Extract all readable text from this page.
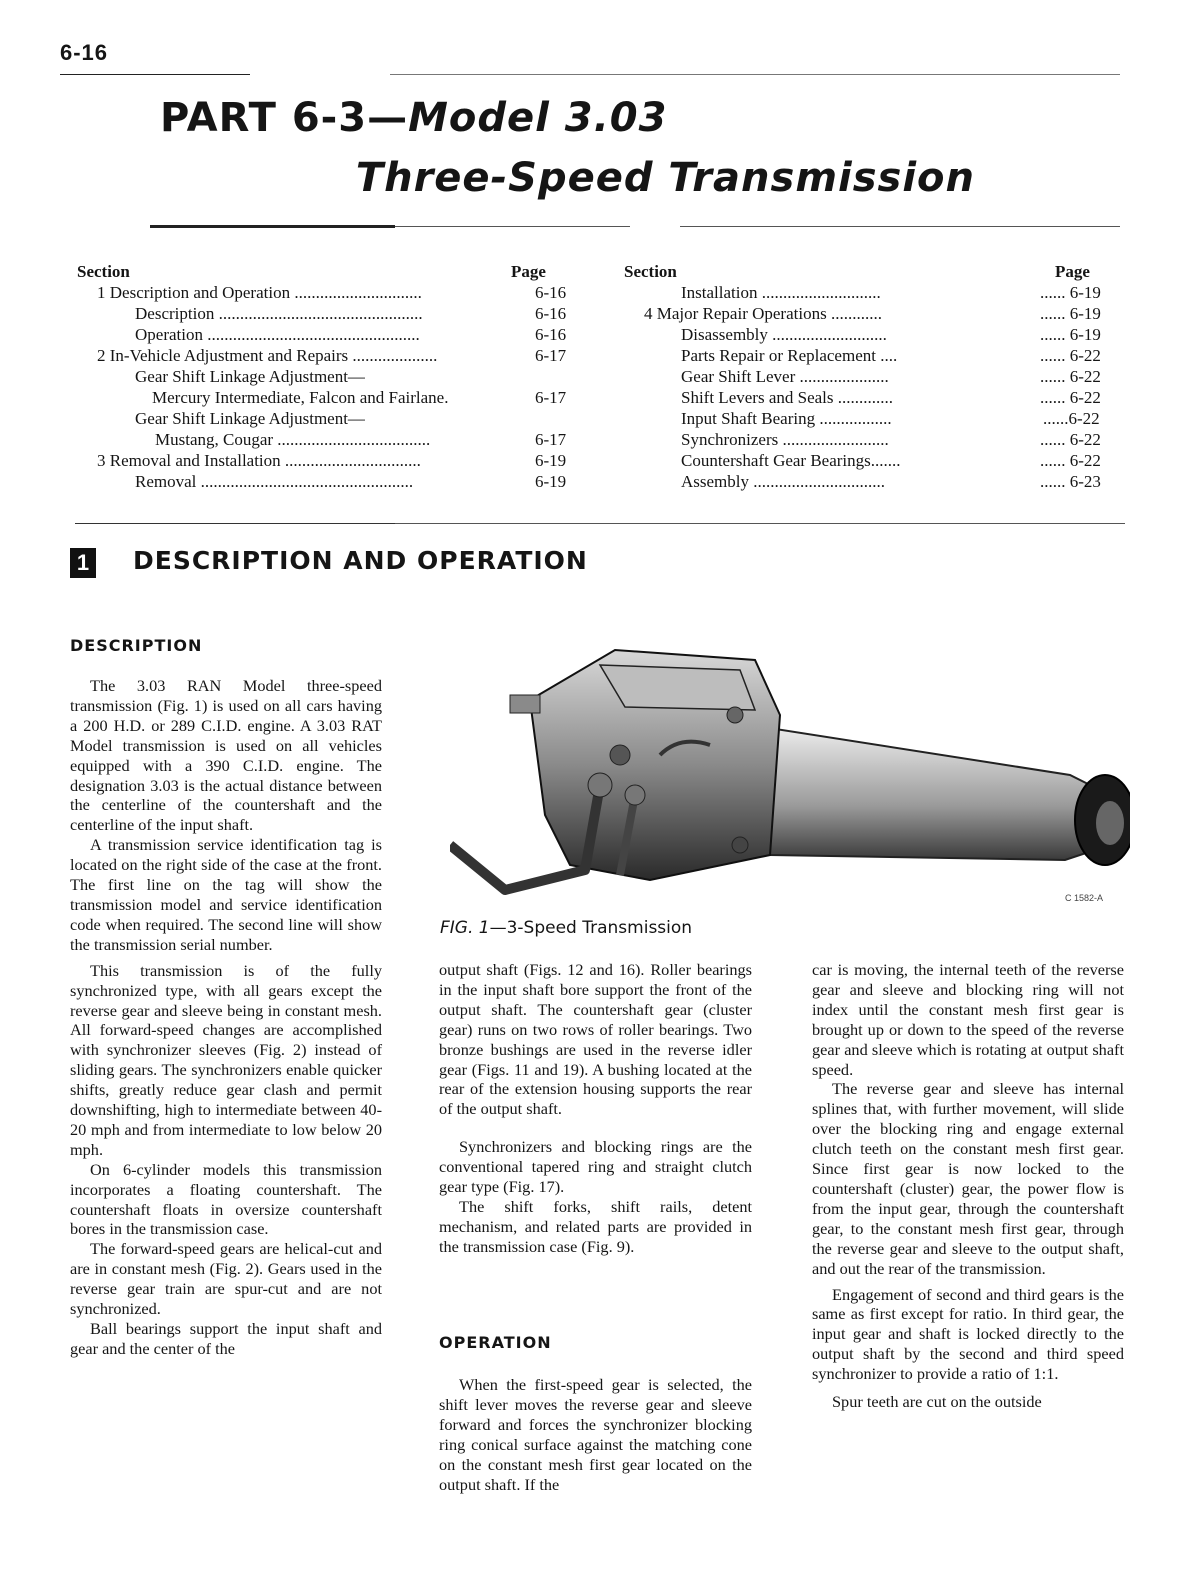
6-16
PART 6-3—Model 3.03
Three-Speed Transmission
Section	Page
1 Description and Operation ..............................	6-16
Description ................................................	6-16
Operation ..................................................	6-16
2 In-Vehicle Adjustment and Repairs ....................	6-17
Gear Shift Linkage Adjustment—
Mercury Intermediate, Falcon and Fairlane.	6-17
Gear Shift Linkage Adjustment—
Mustang, Cougar ....................................	6-17
3 Removal and Installation ................................	6-19
Removal ..................................................	6-19
Section	Page
Installation ............................	...... 6-19
4 Major Repair Operations ............	...... 6-19
Disassembly ...........................	...... 6-19
Parts Repair or Replacement ....	...... 6-22
Gear Shift Lever .....................	...... 6-22
Shift Levers and Seals .............	...... 6-22
Input Shaft Bearing .................	......6-22
Synchronizers .........................	...... 6-22
Countershaft Gear Bearings.......	...... 6-22
Assembly ...............................	...... 6-23
1 DESCRIPTION AND OPERATION
DESCRIPTION

The 3.03 RAN Model three-speed transmission (Fig. 1) is used on all cars having a 200 H.D. or 289 C.I.D. engine. A 3.03 RAT Model transmission is used on all vehicles equipped with a 390 C.I.D. engine. The designation 3.03 is the actual distance between the centerline of the countershaft and the centerline of the input shaft.

A transmission service identification tag is located on the right side of the case at the front. The first line on the tag will show the transmission model and service identification code when required. The second line will show the transmission serial number.

This transmission is of the fully synchronized type, with all gears except the reverse gear and sleeve being in constant mesh. All forward-speed changes are accomplished with synchronizer sleeves (Fig. 2) instead of sliding gears. The synchronizers enable quicker shifts, greatly reduce gear clash and permit downshifting, high to intermediate between 40-20 mph and from intermediate to low below 20 mph.

On 6-cylinder models this transmission incorporates a floating countershaft. The countershaft floats in oversize countershaft bores in the transmission case.

The forward-speed gears are helical-cut and are in constant mesh (Fig. 2). Gears used in the reverse gear train are spur-cut and are not synchronized.

Ball bearings support the input shaft and gear and the center of the

C 1582-A
FIG. 1—3-Speed Transmission

output shaft (Figs. 12 and 16). Roller bearings in the input shaft bore support the front of the output shaft. The countershaft gear (cluster gear) runs on two rows of roller bearings. Two bronze bushings are used in the reverse idler gear (Figs. 11 and 19). A bushing located at the rear of the extension housing supports the rear of the output shaft.

Synchronizers and blocking rings are the conventional tapered ring and straight clutch gear type (Fig. 17).

The shift forks, shift rails, detent mechanism, and related parts are provided in the transmission case (Fig. 9).

OPERATION

When the first-speed gear is selected, the shift lever moves the reverse gear and sleeve forward and forces the synchronizer blocking ring conical surface against the matching cone on the constant mesh first gear located on the output shaft. If the

car is moving, the internal teeth of the reverse gear and sleeve and blocking ring will not index until the constant mesh first gear is brought up or down to the speed of the reverse gear and sleeve which is rotating at output shaft speed.

The reverse gear and sleeve has internal splines that, with further movement, will slide over the blocking ring and engage external clutch teeth on the constant mesh first gear. Since first gear is now locked to the countershaft (cluster) gear, the power flow is from the input gear, through the countershaft gear, to the constant mesh first gear, through the reverse gear and sleeve to the output shaft, and out the rear of the transmission.

Engagement of second and third gears is the same as first except for ratio. In third gear, the input gear and shaft is locked directly to the output shaft by the second and third speed synchronizer to provide a ratio of 1:1.

Spur teeth are cut on the outside
